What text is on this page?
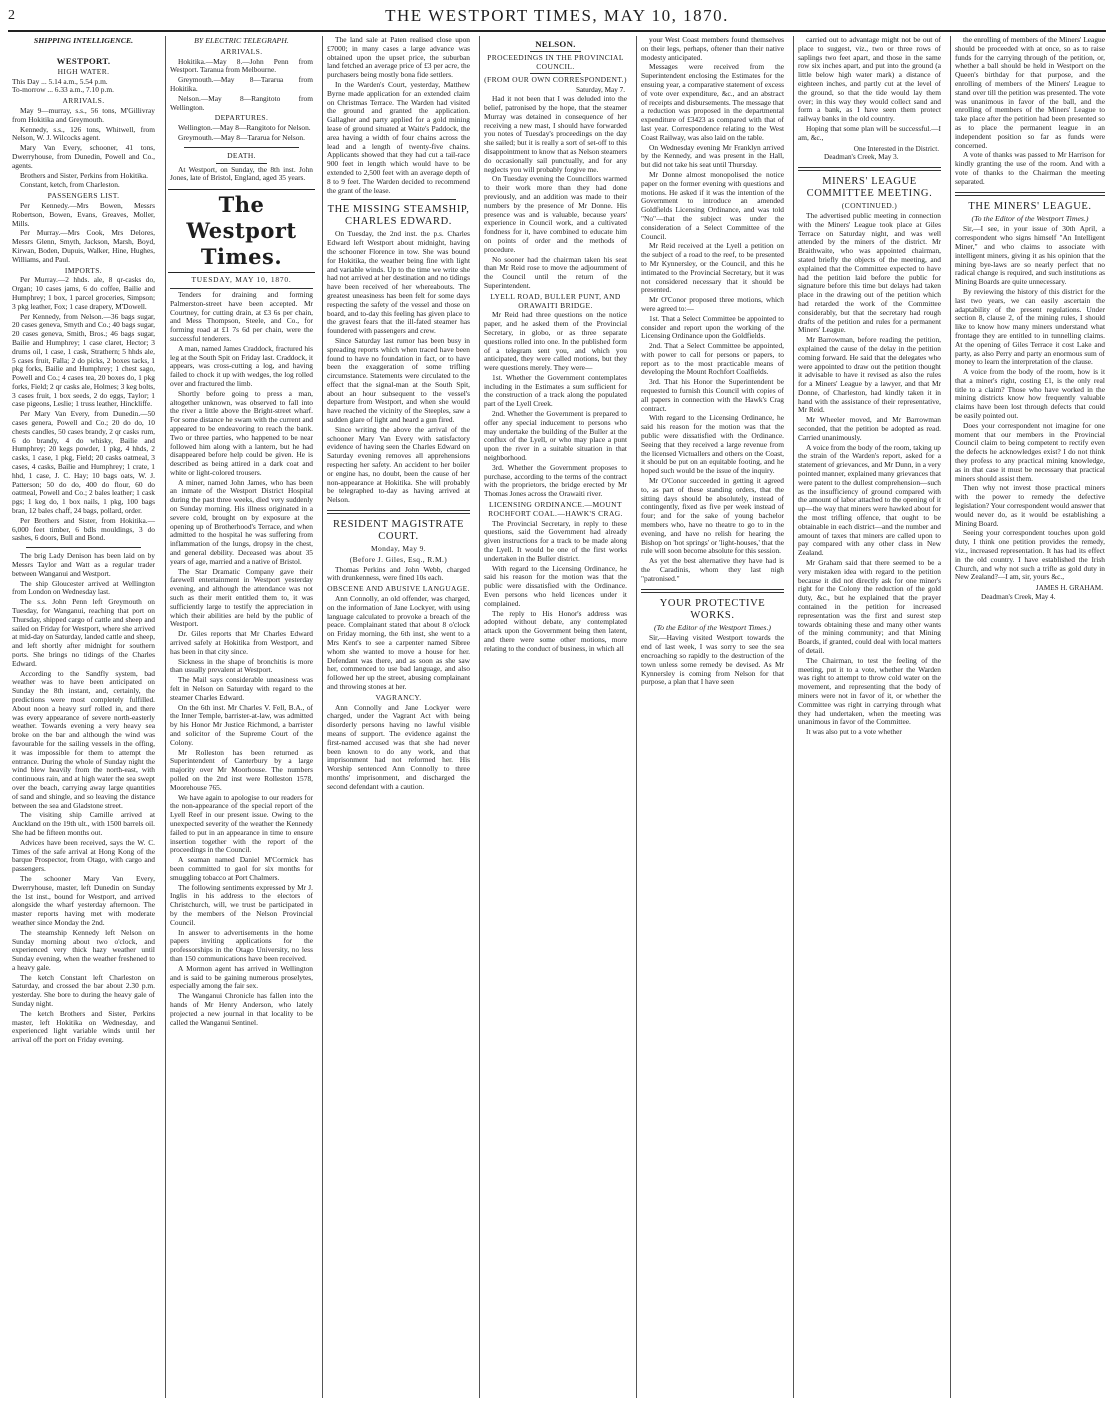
2	THE WESTPORT TIMES, MAY 10, 1870.
SHIPPING INTELLIGENCE.
WESTPORT.
HIGH WATER.
This Day ... 5.14 a.m., 5.54 p.m.
To-morrow ... 6.33 a.m., 7.10 p.m.
ARRIVALS.

May 9—murray, s.s., 56 tons, M'Gillivray from Hokitika and Greymouth.

Kennedy, s.s., 126 tons, Whitwell, from Nelson, W. J. Wilcocks agent.

Mary Van Every, schooner, 41 tons, Dwerryhouse, from Dunedin, Powell and Co., agents.

Brothers and Sister, Perkins from Hokitika.

Constant, ketch, from Charleston.

PASSENGERS LIST.

Per Kennedy.—Mrs Bowen, Messrs Robertson, Bowen, Evans, Greaves, Moller, Mills.

Per Murray.—Mrs Cook, Mrs Delores, Messrs Glenn, Smyth, Jackson, Marsh, Boyd, Kirwan, Boden, Dupuis, Walker, Hine, Hughes, Williams, and Paul.

IMPORTS.

Per Murray.—2 hhds. ale, 8 qr-casks do, Organ; 10 cases jams, 6 do coffee, Bailie and Humphrey; 1 box, 1 parcel groceries, Simpson; 3 pkg leather, Fox; 1 case drapery, M'Dowell.

Per Kennedy, from Nelson.—36 bags sugar, 20 cases geneva, Smyth and Co.; 40 bags sugar, 20 cases geneva, Smith, Bros.; 46 bags sugar, Bailie and Humphrey; 1 case claret, Hector; 3 drums oil, 1 case, 1 cask, Strathern; 5 hhds ale, 5 cases fruit, Falla; 2 do picks, 2 boxes tacks, 1 pkg forks, Bailie and Humphrey; 1 chest sago, Powell and Co.; 4 cases tea, 20 boxes do, 1 pkg forks, Field; 2 qr casks ale, Holmes; 3 keg bolts, 3 cases fruit, 1 box seeds, 2 do eggs, Taylor; 1 case pigeons, Leslie; 1 truss leather, Hinckliffe.

Per Mary Van Every, from Dunedin.—50 cases genera, Powell and Co.; 20 do do, 10 chests candles, 50 cases brandy, 2 qr casks rum, 6 do brandy, 4 do whisky, Bailie and Humphrey; 20 kegs powder, 1 pkg, 4 hhds, 2 casks, 1 case, 1 pkg, Field; 20 casks oatmeal, 3 cases, 4 casks, Bailie and Humphrey; 1 crate, 1 hhd, 1 case, J. C. Hay; 10 bags oats, W. J. Patterson; 50 do do, 400 do flour, 60 do oatmeal, Powell and Co.; 2 bales leather; 1 cask pgs; 1 keg do, 1 box nails, 1 pkg, 100 bags bran, 12 bales chaff, 24 bags, pollard, order.

Per Brothers and Sister, from Hokitika.—6,000 feet timber, 6 bdls mouldings, 3 do sashes, 6 doors, Bull and Bond.

The brig Lady Denison has been laid on by Messrs Taylor and Watt as a regular trader between Wanganui and Westport.

The ship Gloucester arrived at Wellington from London on Wednesday last.

The s.s. John Penn left Greymouth on Tuesday, for Wanganui, reaching that port on Thursday, shipped cargo of cattle and sheep and sailed on Friday for Westport, where she arrived at mid-day on Saturday, landed cattle and sheep, and left shortly after midnight for southern ports. She brings no tidings of the Charles Edward.

According to the Sandfly system, bad weather was to have been anticipated on Sunday the 8th instant, and, certainly, the predictions were most completely fulfilled. About noon a heavy surf rolled in, and there was every appearance of severe north-easterly weather. Towards evening a very heavy sea broke on the bar and although the wind was favourable for the sailing vessels in the offing, it was impossible for them to attempt the entrance. During the whole of Sunday night the wind blew heavily from the north-east, with continuous rain, and at high water the sea swept over the beach, carrying away large quantities of sand and shingle, and so leaving the distance between the sea and Gladstone street.

The visiting ship Camille arrived at Auckland on the 19th ult., with 1500 barrels oil. She had be fifteen months out.

Advices have been received, says the W. C. Times of the safe arrival at Hong Kong of the barque Prospector, from Otago, with cargo and passengers.

The schooner Mary Van Every, Dwerryhouse, master, left Dunedin on Sunday the 1st inst., bound for Westport, and arrived alongside the wharf yesterday afternoon. The master reports having met with moderate weather since Monday the 2nd.

The steamship Kennedy left Nelson on Sunday morning about two o'clock, and experienced very thick hazy weather until Sunday evening, when the weather freshened to a heavy gale.

The ketch Constant left Charleston on Saturday, and crossed the bar about 2.30 p.m. yesterday. She bore to during the heavy gale of Sunday night.

The ketch Brothers and Sister, Perkins master, left Hokitika on Wednesday, and experienced light variable winds until her arrival off the port on Friday evening.

BY ELECTRIC TELEGRAPH.
ARRIVALS.

Hokitika.—May 8.—John Penn from Westport. Taranua from Melbourne.

Greymouth.—May 8—Tararua from Hokitika.

Nelson.—May 8—Rangitoto from Wellington.

DEPARTURES.

Wellington.—May 8—Rangitoto for Nelson.

Greymouth.—May 8—Tararua for Nelson.

DEATH.

At Westport, on Sunday, the 8th inst. John Jones, late of Bristol, England, aged 35 years.

The Westport Times.
TUESDAY, MAY 10, 1870.

Tenders for draining and forming Palmerston-street have been accepted. Mr Courtney, for cutting drain, at £3 6s per chain, and Mess Thompson, Steele, and Co., for forming road at £1 7s 6d per chain, were the successful tenderers.

A man, named James Craddock, fractured his leg at the South Spit on Friday last. Craddock, it appears, was cross-cutting a log, and having failed to chock it up with wedges, the log rolled over and fractured the limb.

Shortly before going to press a man, altogether unknown, was observed to fall into the river a little above the Bright-street wharf. For some distance he swam with the current and appeared to be endeavoring to reach the bank. Two or three parties, who happened to be near followed him along with a lantern, but he had disappeared before help could be given. He is described as being attired in a dark coat and white or light-colored trousers.

A miner, named John James, who has been an inmate of the Westport District Hospital during the past three weeks, died very suddenly on Sunday morning. His illness originated in a severe cold, brought on by exposure at the opening up of Brotherhood's Terrace, and when admitted to the hospital he was suffering from inflammation of the lungs, dropsy in the chest, and general debility. Deceased was about 35 years of age, married and a native of Bristol.

The Star Dramatic Company gave their farewell entertainment in Westport yesterday evening, and although the attendance was not such as their merit entitled them to, it was sufficiently large to testify the appreciation in which their abilities are held by the public of Westport.

Dr. Giles reports that Mr Charles Edward arrived safely at Hokitika from Westport, and has been in that city since.

Sickness in the shape of bronchitis is more than usually prevalent at Westport.

The Mail says considerable uneasiness was felt in Nelson on Saturday with regard to the steamer Charles Edward.

On the 6th inst. Mr Charles V. Fell, B.A., of the Inner Temple, barrister-at-law, was admitted by his Honor Mr Justice Richmond, a barrister and solicitor of the Supreme Court of the Colony.

Mr Rolleston has been returned as Superintendent of Canterbury by a large majority over Mr Moorhouse. The numbers polled on the 2nd inst were Rolleston 1578, Moorehouse 765.

We have again to apologise to our readers for the non-appearance of the special report of the Lyell Reef in our present issue. Owing to the unexpected severity of the weather the Kennedy failed to put in an appearance in time to ensure insertion together with the report of the proceedings in the Council.

A seaman named Daniel M'Cormick has been committed to gaol for six months for smuggling tobacco at Port Chalmers.

The following sentiments expressed by Mr J. Inglis in his address to the electors of Christchurch, will, we trust be participated in by the members of the Nelson Provincial Council.

In answer to advertisements in the home papers inviting applications for the professorships in the Otago University, no less than 150 communications have been received.

A Mormon agent has arrived in Wellington and is said to be gaining numerous proselytes, especially among the fair sex.

The Wanganui Chronicle has fallen into the hands of Mr Henry Anderson, who lately projected a new journal in that locality to be called the Wanganui Sentinel.

The land sale at Paten realised close upon £7000; in many cases a large advance was obtained upon the upset price, the suburban land fetched an average price of £3 per acre, the purchasers being mostly bona fide settlers.

In the Warden's Court, yesterday, Matthew Byrne made application for an extended claim on Christmas Terrace. The Warden had visited the ground and granted the application. Gallagher and party applied for a gold mining lease of ground situated at Waite's Paddock, the area having a width of four chains across the lead and a length of twenty-five chains. Applicants showed that they had cut a tail-race 900 feet in length which would have to be extended to 2,500 feet with an average depth of 8 to 9 feet. The Warden decided to recommend the grant of the lease.

THE MISSING STEAMSHIP, CHARLES EDWARD.

On Tuesday, the 2nd inst. the p.s. Charles Edward left Westport about midnight, having the schooner Florence in tow. She was bound for Hokitika, the weather being fine with light and variable winds. Up to the time we write she had not arrived at her destination and no tidings have been received of her whereabouts. The greatest uneasiness has been felt for some days respecting the safety of the vessel and those on board, and to-day this feeling has given place to the gravest fears that the ill-fated steamer has foundered with passengers and crew.

Since Saturday last rumor has been busy in spreading reports which when traced have been found to have no foundation in fact, or to have been the exaggeration of some trifling circumstance. Statements were circulated to the effect that the signal-man at the South Spit, about an hour subsequent to the vessel's departure from Westport, and when she would have reached the vicinity of the Steeples, saw a sudden glare of light and heard a gun fired.

Since writing the above the arrival of the schooner Mary Van Every with satisfactory evidence of having seen the Charles Edward on Saturday evening removes all apprehensions respecting her safety. An accident to her boiler or engine has, no doubt, been the cause of her non-appearance at Hokitika. She will probably be telegraphed to-day as having arrived at Nelson.

RESIDENT MAGISTRATE COURT.
Monday, May 9.
(Before J. Giles, Esq., R.M.)

Thomas Perkins and John Webb, charged with drunkenness, were fined 10s each.

OBSCENE AND ABUSIVE LANGUAGE.

Ann Connolly, an old offender, was charged, on the information of Jane Lockyer, with using language calculated to provoke a breach of the peace. Complainant stated that about 8 o'clock on Friday morning, the 6th inst, she went to a Mrs Kent's to see a carpenter named Sibree whom she wanted to move a house for her. Defendant was there, and as soon as she saw her, commenced to use bad language, and also followed her up the street, abusing complainant and throwing stones at her.

VAGRANCY.

Ann Connolly and Jane Lockyer were charged, under the Vagrant Act with being disorderly persons having no lawful visible means of support. The evidence against the first-named accused was that she had never been known to do any work, and that imprisonment had not reformed her. His Worship sentenced Ann Connolly to three months' imprisonment, and discharged the second defendant with a caution.

NELSON.
PROCEEDINGS IN THE PROVINCIAL COUNCIL.
(FROM OUR OWN CORRESPONDENT.)
Saturday, May 7.

Had it not been that I was deluded into the belief, patronised by the hope, that the steamer Murray was detained in consequence of her receiving a new mast, I should have forwarded you notes of Tuesday's proceedings on the day she sailed; but it is really a sort of set-off to this disappointment to know that as Nelson steamers do occasionally sail punctually, and for any neglects you will probably forgive me.

On Tuesday evening the Councillors warmed to their work more than they had done previously, and an addition was made to their numbers by the presence of Mr Donne. His presence was and is valuable, because years' experience in Council work, and a cultivated fondness for it, have combined to educate him on points of order and the methods of procedure.

No sooner had the chairman taken his seat than Mr Reid rose to move the adjournment of the Council until the return of the Superintendent.

LYELL ROAD, BULLER PUNT, AND ORAWAITI BRIDGE.

Mr Reid had three questions on the notice paper, and he asked them of the Provincial Secretary, in globo, or as three separate questions rolled into one. In the published form of a telegram sent you, and which you anticipated, they were called motions, but they were questions merely. They were—

1st. Whether the Government contemplates including in the Estimates a sum sufficient for the construction of a track along the populated part of the Lyell Creek.

2nd. Whether the Government is prepared to offer any special inducement to persons who may undertake the building of the Buller at the conflux of the Lyell, or who may place a punt upon the river in a suitable situation in that neighborhood.

3rd. Whether the Government proposes to purchase, according to the terms of the contract with the proprietors, the bridge erected by Mr Thomas Jones across the Orawaiti river.

LICENSING ORDINANCE.—MOUNT ROCHFORT COAL.—HAWK'S CRAG.

The Provincial Secretary, in reply to these questions, said the Government had already given instructions for a track to be made along the Lyell. It would be one of the first works undertaken in the Buller district.

With regard to the Licensing Ordinance, he said his reason for the motion was that the public were dissatisfied with the Ordinance. Even persons who held licences under it complained.

The reply to His Honor's address was adopted without debate, any contemplated attack upon the Government being then latent, and there were some other motions, more relating to the conduct of business, in which all

your West Coast members found themselves on their legs, perhaps, oftener than their native modesty anticipated.

Messages were received from the Superintendent enclosing the Estimates for the ensuing year, a comparative statement of excess of vote over expenditure, &c., and an abstract of receipts and disbursements. The message that a reduction was proposed in the departmental expenditure of £3423 as compared with that of last year. Correspondence relating to the West Coast Railway, was also laid on the table.

On Wednesday evening Mr Franklyn arrived by the Kennedy, and was present in the Hall, but did not take his seat until Thursday.

Mr Donne almost monopolised the notice paper on the former evening with questions and motions. He asked if it was the intention of the Government to introduce an amended Goldfields Licensing Ordinance, and was told "No"—that the subject was under the consideration of a Select Committee of the Council.

Mr Reid received at the Lyell a petition on the subject of a road to the reef, to be presented to Mr Kynnersley, or the Council, and this he intimated to the Provincial Secretary, but it was not considered necessary that it should be presented.

Mr O'Conor proposed three motions, which were agreed to:—

1st. That a Select Committee be appointed to consider and report upon the working of the Licensing Ordinance upon the Goldfields.

2nd. That a Select Committee be appointed, with power to call for persons or papers, to report as to the most practicable means of developing the Mount Rochfort Coalfields.

3rd. That his Honor the Superintendent be requested to furnish this Council with copies of all papers in connection with the Hawk's Crag contract.

With regard to the Licensing Ordinance, he said his reason for the motion was that the public were dissatisfied with the Ordinance. Seeing that they received a large revenue from the licensed Victuallers and others on the Coast, it should be put on an equitable footing, and he hoped such would be the issue of the inquiry.

Mr O'Conor succeeded in getting it agreed to, as part of these standing orders, that the sitting days should be absolutely, instead of contingently, fixed as five per week instead of four; and for the sake of young bachelor members who, have no theatre to go to in the evening, and have no relish for hearing the Bishop on 'hot springs' or 'light-houses,' that the rule will soon become absolute for this session.

As yet the best alternative they have had is the Caradinis, whom they last nigh "patronised."

YOUR PROTECTIVE WORKS.
(To the Editor of the Westport Times.)

Sir,—Having visited Westport towards the end of last week, I was sorry to see the sea encroaching so rapidly to the destruction of the town unless some remedy be devised. As Mr Kynnersley is coming from Nelson for that purpose, a plan that I have seen

carried out to advantage might not be out of place to suggest, viz., two or three rows of saplings two feet apart, and those in the same row six inches apart, and put into the ground (a little below high water mark) a distance of eighteen inches, and partly cut at the level of the ground, so that the tide would lay them over; in this way they would collect sand and form a bank, as I have seen them protect railway banks in the old country.

Hoping that some plan will be successful.—I am, &c.,

One Interested in the District.
Deadman's Creek, May 3.
MINERS' LEAGUE COMMITTEE MEETING.
(CONTINUED.)

The advertised public meeting in connection with the Miners' League took place at Giles Terrace on Saturday night, and was well attended by the miners of the district. Mr Braithwaite, who was appointed chairman, stated briefly the objects of the meeting, and explained that the Committee expected to have had the petition laid before the public for signature before this time but delays had taken place in the drawing out of the petition which had retarded the work of the Committee considerably, but that the secretary had rough drafts of the petition and rules for a permanent Miners' League.

Mr Barrowman, before reading the petition, explained the cause of the delay in the petition coming forward. He said that the delegates who were appointed to draw out the petition thought it advisable to have it revised as also the rules for a Miners' League by a lawyer, and that Mr Donne, of Charleston, had kindly taken it in hand with the assistance of their representative, Mr Reid.

Mr Wheeler moved, and Mr Barrowman seconded, that the petition be adopted as read. Carried unanimously.

A voice from the body of the room, taking up the strain of the Warden's report, asked for a statement of grievances, and Mr Dunn, in a very pointed manner, explained many grievances that were patent to the dullest comprehension—such as the insufficiency of ground compared with the amount of labor attached to the opening of it up—the way that miners were hawked about for the most trifling offence, that ought to be obtainable in each district—and the number and amount of taxes that miners are called upon to pay compared with any other class in New Zealand.

Mr Graham said that there seemed to be a very mistaken idea with regard to the petition because it did not directly ask for one miner's right for the Colony the reduction of the gold duty, &c., but he explained that the prayer contained in the petition for increased representation was the first and surest step towards obtaining these and many other wants of the mining community; and that Mining Boards, if granted, could deal with local matters of detail.

The Chairman, to test the feeling of the meeting, put it to a vote, whether the Warden was right to attempt to throw cold water on the movement, and representing that the body of miners were not in favor of it, or whether the Committee was right in carrying through what they had undertaken, when the meeting was unanimous in favor of the Committee.

It was also put to a vote whether

the enrolling of members of the Miners' League should be proceeded with at once, so as to raise funds for the carrying through of the petition, or, whether a ball should be held in Westport on the Queen's birthday for that purpose, and the enrolling of members of the Miners' League to stand over till the petition was presented. The vote was unanimous in favor of the ball, and the enrolling of members of the Miners' League to take place after the petition had been presented so as to place the permanent league in an independent position so far as funds were concerned.

A vote of thanks was passed to Mr Harrison for kindly granting the use of the room. And with a vote of thanks to the Chairman the meeting separated.

THE MINERS' LEAGUE.
(To the Editor of the Westport Times.)

Sir,—I see, in your issue of 30th April, a correspondent who signs himself "An Intelligent Miner," and who claims to associate with intelligent miners, giving it as his opinion that the mining bye-laws are so nearly perfect that no radical change is required, and such institutions as Mining Boards are quite unnecessary.

By reviewing the history of this district for the last two years, we can easily ascertain the adaptability of the present regulations. Under section 8, clause 2, of the mining rules, I should like to know how many miners understand what frontage they are entitled to in tunnelling claims. At the opening of Giles Terrace it cost Lake and party, as also Perry and party an enormous sum of money to learn the interpretation of the clause.

A voice from the body of the room, how is it that a miner's right, costing £1, is the only real title to a claim? Those who have worked in the mining districts know how frequently valuable claims have been lost through defects that could be easily pointed out.

Does your correspondent not imagine for one moment that our members in the Provincial Council claim to being competent to rectify even the defects he acknowledges exist? I do not think they profess to any practical mining knowledge, as in that case it must be necessary that practical miners should assist them.

Then why not invest those practical miners with the power to remedy the defective legislation? Your correspondent would answer that would never do, as it would be establishing a Mining Board.

Seeing your correspondent touches upon gold duty, I think one petition provides the remedy, viz., increased representation. It has had its effect in the old country. I have established the Irish Church, and why not such a trifle as gold duty in New Zealand?—I am, sir, yours &c.,

JAMES H. GRAHAM.
Deadman's Creek, May 4.
